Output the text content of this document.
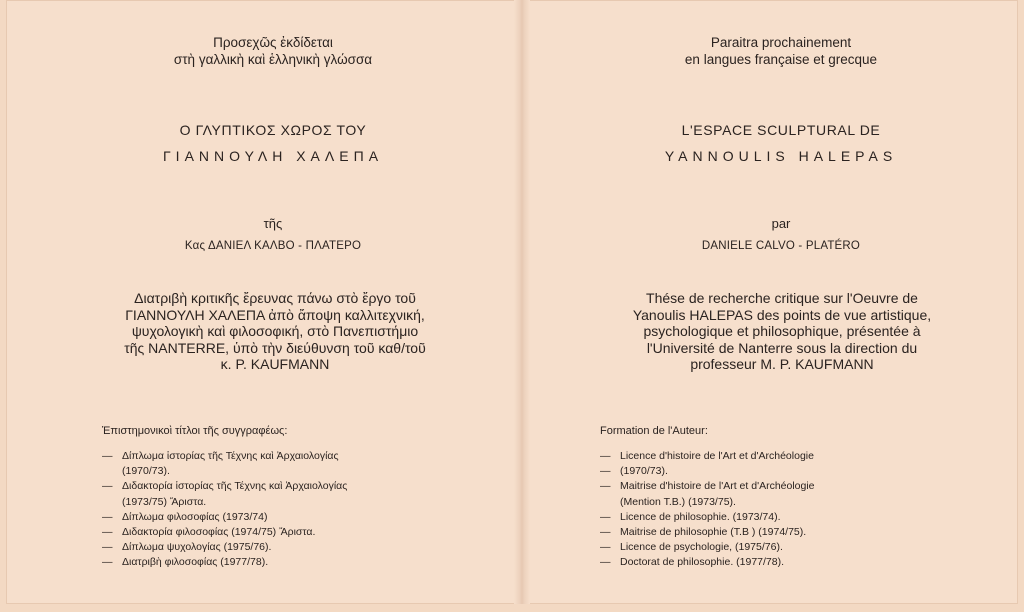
Προσεχῶς ἐκδίδεται
στὴ γαλλικὴ καὶ ἑλληνικὴ γλώσσα
Ο ΓΛΥΠΤΙΚΟΣ ΧΩΡΟΣ ΤΟΥ
ΓΙΑΝΝΟΥΛΗ ΧΑΛΕΠΑ
τῆς
Κας ΔΑΝΙΕΛ ΚΑΛΒΟ - ΠΛΑΤΕΡΟ
Διατριβὴ κριτικῆς ἔρευνας πάνω στὸ ἔργο τοῦ
ΓΙΑΝΝΟΥΛΗ ΧΑΛΕΠΑ ἀπὸ ἄποψη καλλιτεχνική,
ψυχολογικὴ καὶ φιλοσοφική, στὸ Πανεπιστήμιο
τῆς NANTERRE, ὑπὸ τὴν διεύθυνση τοῦ καθ/τοῦ
κ. P. KAUFMANN
Ἐπιστημονικοὶ τίτλοι τῆς συγγραφέως:
— Δίπλωμα ἱστορίας τῆς Τέχνης καὶ Ἀρχαιολογίας
(1970/73).
— Διδακτορία ἱστορίας τῆς Τέχνης καὶ Ἀρχαιολογίας
(1973/75) Ἄριστα.
— Δίπλωμα φιλοσοφίας (1973/74)
— Διδακτορία φιλοσοφίας (1974/75) Ἄριστα.
— Δίπλωμα ψυχολογίας (1975/76).
— Διατριβὴ φιλοσοφίας (1977/78).
Paraitra prochainement
en langues française et grecque
L'ESPACE SCULPTURAL DE
YANNOULIS HALEPAS
par
DANIELE CALVO - PLATÉRO
Thése de recherche critique sur l'Oeuvre de
Yanoulis HALEPAS des points de vue artistique,
psychologique et philosophique, présentée à
l'Université de Nanterre sous la direction du
professeur M. P. KAUFMANN
Formation de l'Auteur:
— Licence d'histoire de l'Art et d'Archéologie
— (1970/73).
— Maitrise d'histoire de l'Art et d'Archéologie
(Mention T.B.) (1973/75).
— Licence de philosophie. (1973/74).
— Maitrise de philosophie (T.B ) (1974/75).
— Licence de psychologie, (1975/76).
— Doctorat de philosophie. (1977/78).
